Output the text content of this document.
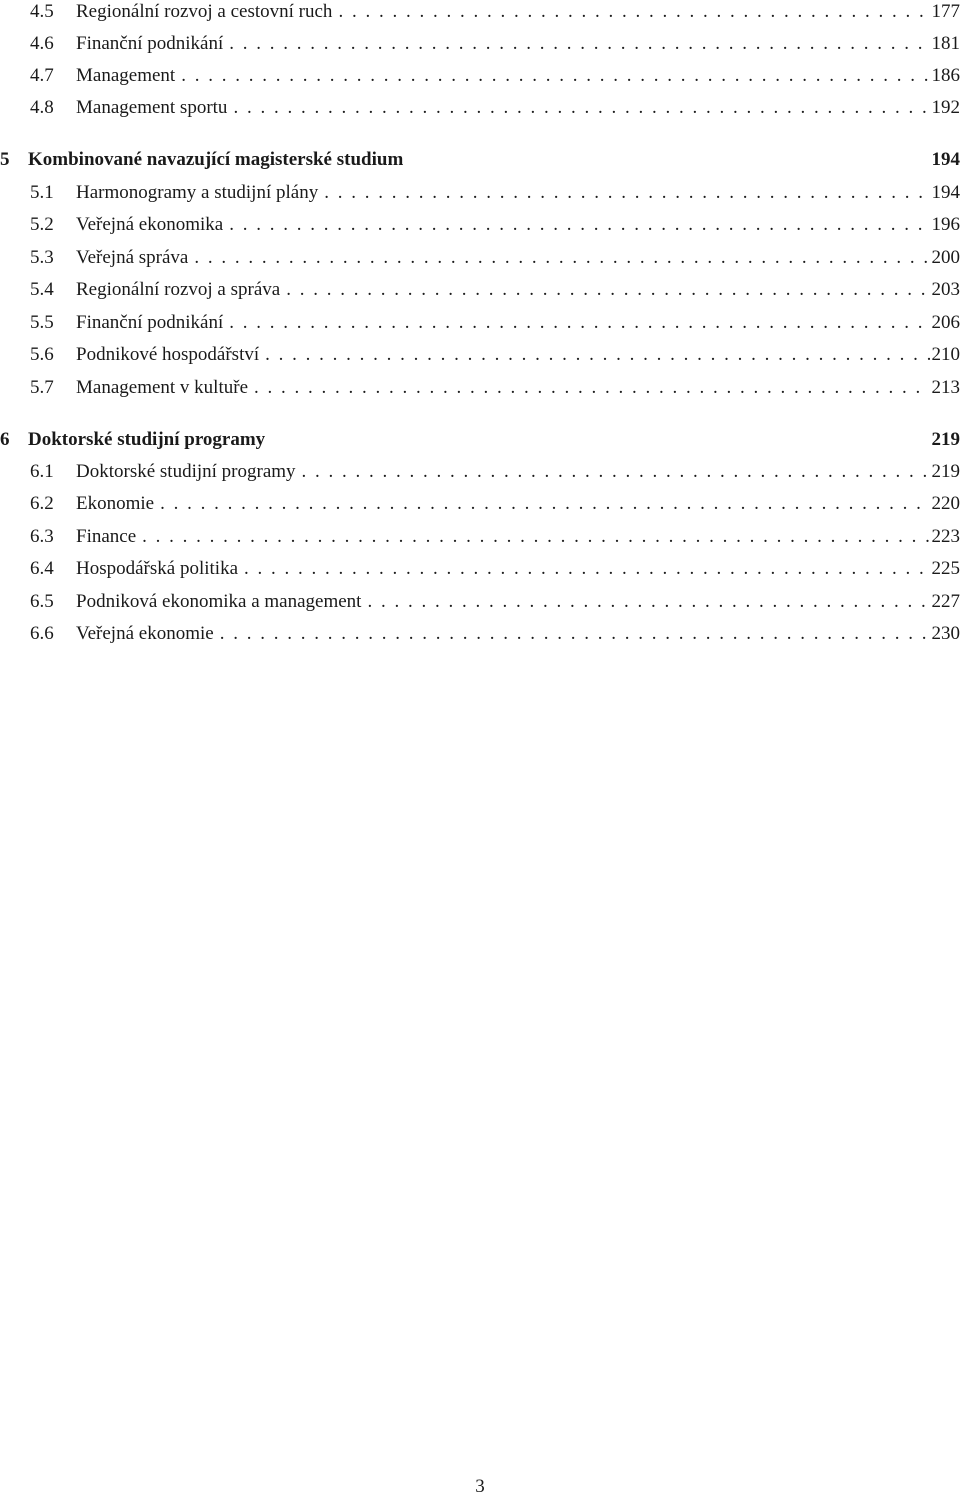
4.5	Regionální rozvoj a cestovní ruch . . .	177
4.6	Finanční podnikání . . .	181
4.7	Management . . .	186
4.8	Management sportu . . .	192
5 Kombinované navazující magisterské studium	194
5.1	Harmonogramy a studijní plány . . .	194
5.2	Veřejná ekonomika . . .	196
5.3	Veřejná správa . . .	200
5.4	Regionální rozvoj a správa . . .	203
5.5	Finanční podnikání . . .	206
5.6	Podnikové hospodářství . . .	210
5.7	Management v kultuře . . .	213
6 Doktorské studijní programy	219
6.1	Doktorské studijní programy . . .	219
6.2	Ekonomie . . .	220
6.3	Finance . . .	223
6.4	Hospodářská politika . . .	225
6.5	Podniková ekonomika a management . . .	227
6.6	Veřejná ekonomie . . .	230
3
